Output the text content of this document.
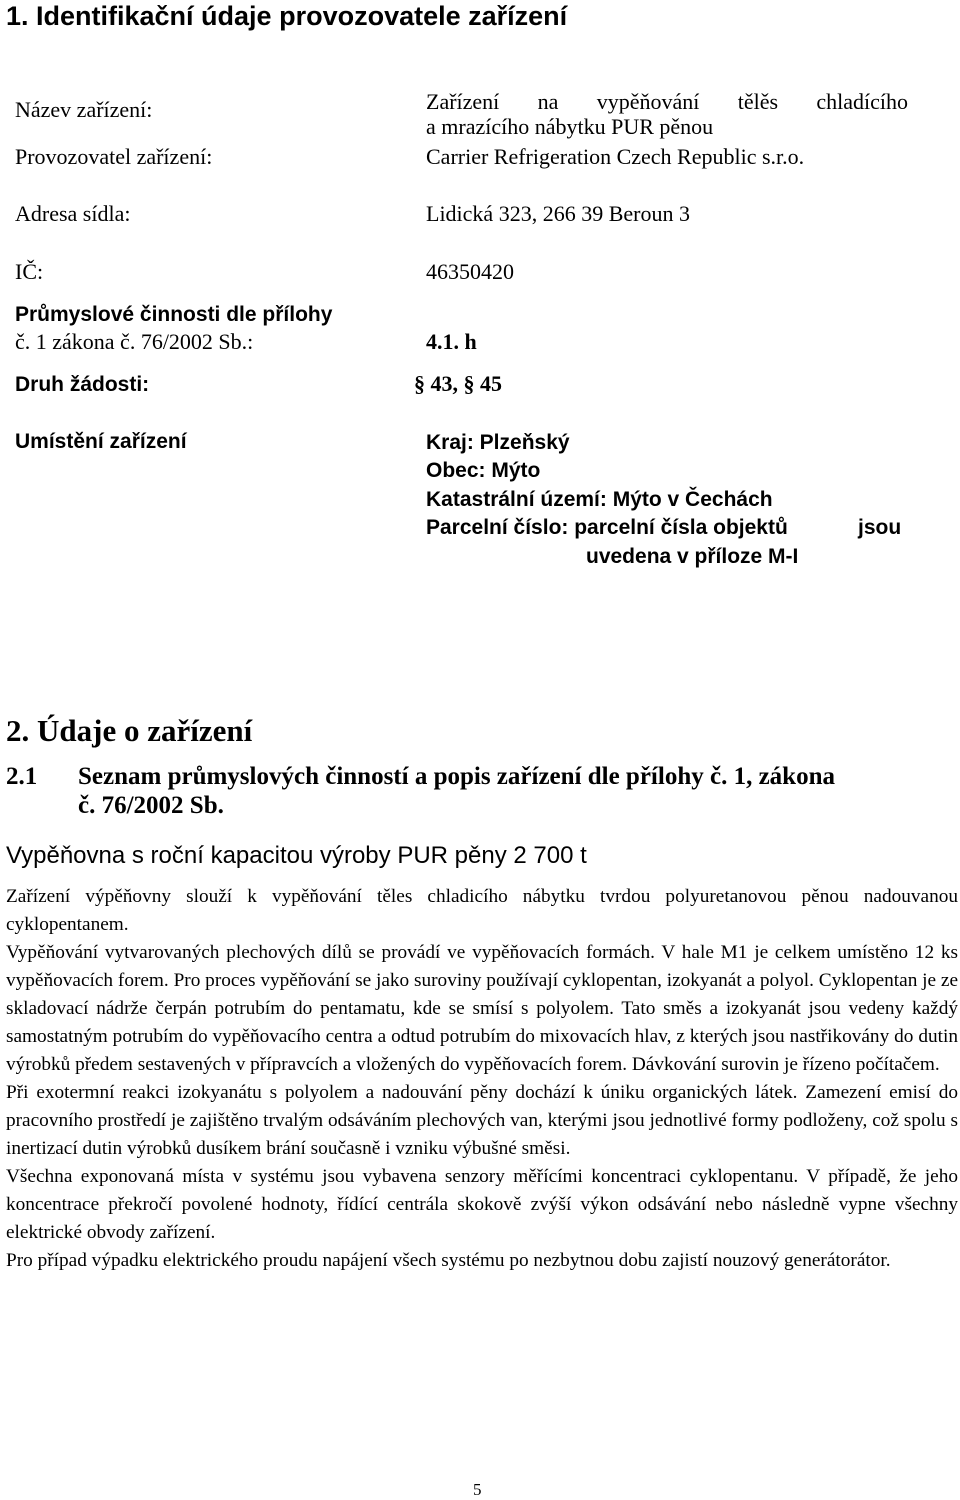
1. Identifikační údaje provozovatele zařízení
Název zařízení:	Zařízení na vypěňování tělěs chladícího
a mrazícího nábytku PUR pěnou
Provozovatel zařízení:	Carrier Refrigeration Czech Republic s.r.o.
Adresa sídla:	Lidická 323, 266 39 Beroun 3
IČ:	46350420
Průmyslové činnosti dle přílohy
č. 1 zákona č. 76/2002 Sb.:	4.1. h
Druh žádosti:	§ 43, § 45
Umístění zařízení	Kraj: Plzeňský
Obec: Mýto
Katastrální území: Mýto v Čechách
Parcelní číslo: parcelní čísla objektů	jsou
uvedena v příloze M-I
2. Údaje o zařízení
2.1 Seznam průmyslových činností a popis zařízení dle přílohy č. 1, zákona
č. 76/2002 Sb.
Vypěňovna s roční kapacitou výroby PUR pěny 2 700 t

Zařízení výpěňovny slouží k vypěňování těles chladicího nábytku tvrdou polyuretanovou pěnou nadouvanou cyklopentanem.

Vypěňování vytvarovaných plechových dílů se provádí ve vypěňovacích formách. V hale M1 je celkem umístěno 12 ks vypěňovacích forem. Pro proces vypěňování se jako suroviny používají cyklopentan, izokyanát a polyol. Cyklopentan je ze skladovací nádrže čerpán potrubím do pentamatu, kde se smísí s polyolem. Tato směs a izokyanát jsou vedeny každý samostatným potrubím do vypěňovacího centra a odtud potrubím do mixovacích hlav, z kterých jsou nastřikovány do dutin výrobků předem sestavených v přípravcích a vložených do vypěňovacích forem. Dávkování surovin je řízeno počítačem.

Při exotermní reakci izokyanátu s polyolem a nadouvání pěny dochází k úniku organických látek. Zamezení emisí do pracovního prostředí je zajištěno trvalým odsáváním plechových van, kterými jsou jednotlivé formy podloženy, což spolu s inertizací dutin výrobků dusíkem brání současně i vzniku výbušné směsi.

Všechna exponovaná místa v systému jsou vybavena senzory měřícími koncentraci cyklopentanu. V případě, že jeho koncentrace překročí povolené hodnoty, řídící centrála skokově zvýší výkon odsávání nebo následně vypne všechny elektrické obvody zařízení.

Pro případ výpadku elektrického proudu napájení všech systému po nezbytnou dobu zajistí nouzový generátorátor.

5
